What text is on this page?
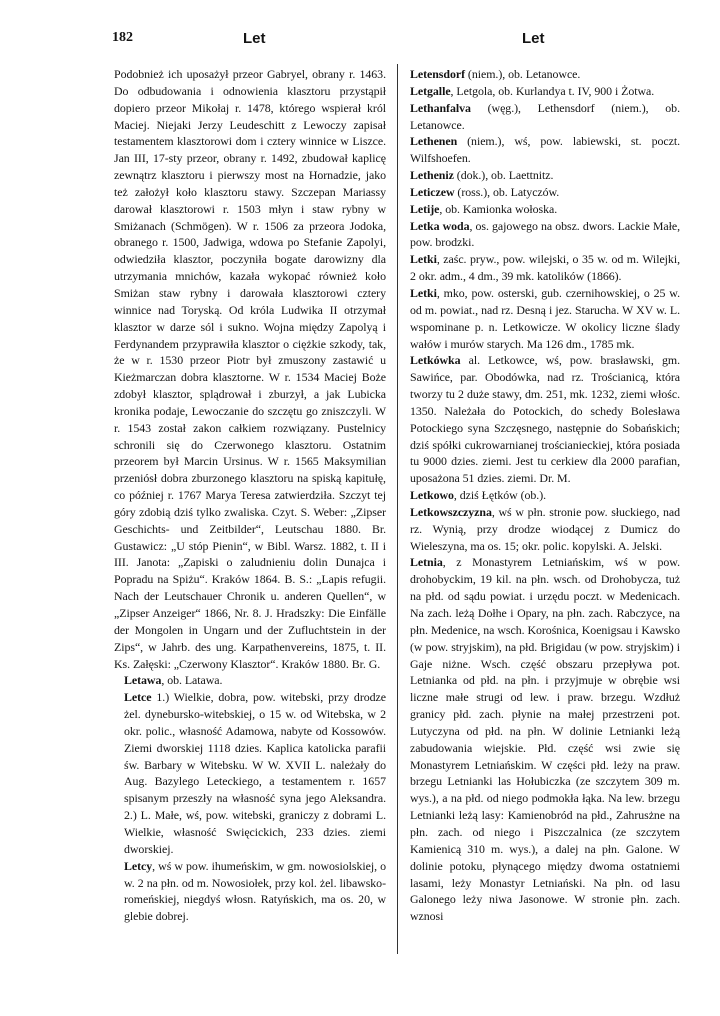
182	Let	Let

Podobnież ich uposażył przeor Gabryel, obrany r. 1463. Do odbudowania i odnowienia klasztoru przystąpił dopiero przeor Mikołaj r. 1478, którego wspierał król Maciej. Niejaki Jerzy Leudeschitt z Lewoczy zapisał testamentem klasztorowi dom i cztery winnice w Liszce. Jan III, 17-sty przeor, obrany r. 1492, zbudował kaplicę zewnątrz klasztoru i pierwszy most na Hornadzie, jako też założył koło klasztoru stawy. Szczepan Mariassy darował klasztorowi r. 1503 młyn i staw rybny w Smiżanach (Schmögen). W r. 1506 za przeora Jodoka, obranego r. 1500, Jadwiga, wdowa po Stefanie Zapolyi, odwiedziła klasztor, poczyniła bogate darowizny dla utrzymania mnichów, kazała wykopać również koło Smiżan staw rybny i darowała klasztorowi cztery winnice nad Toryską. Od króla Ludwika II otrzymał klasztor w darze sól i sukno. Wojna między Zapolyą i Ferdynandem przyprawiła klasztor o ciężkie szkody, tak, że w r. 1530 przeor Piotr był zmuszony zastawić u Kieżmarczan dobra klasztorne. W r. 1534 Maciej Boże zdobył klasztor, splądrował i zburzył, a jak Lubicka kronika podaje, Lewoczanie do szczętu go zniszczyli. W r. 1543 został zakon całkiem rozwiązany. Pustelnicy schronili się do Czerwonego klasztoru. Ostatnim przeorem był Marcin Ursinus. W r. 1565 Maksymilian przeniósł dobra zburzonego klasztoru na spiską kapitułę, co później r. 1767 Marya Teresa zatwierdziła. Szczyt tej góry zdobią dziś tylko zwaliska. Czyt. S. Weber: „Zipser Geschichts- und Zeitbilder“, Leutschau 1880. Br. Gustawicz: „U stóp Pienin“, w Bibl. Warsz. 1882, t. II i III. Janota: „Zapiski o zaludnieniu dolin Dunajca i Popradu na Spiżu“. Kraków 1864. B. S.: „Lapis refugii. Nach der Leutschauer Chronik u. anderen Quellen“, w „Zipser Anzeiger“ 1866, Nr. 8. J. Hradszky: Die Einfälle der Mongolen in Ungarn und der Zufluchtstein in der Zips“, w Jahrb. des ung. Karpathenvereins, 1875, t. II. Ks. Załęski: „Czerwony Klasztor“. Kraków 1880. Br. G.

Letawa, ob. Latawa.

Letce 1.) Wielkie, dobra, pow. witebski, przy drodze żel. dynebursko-witebskiej, o 15 w. od Witebska, w 2 okr. polic., własność Adamowa, nabyte od Kossowów. Ziemi dworskiej 1118 dzies. Kaplica katolicka parafii św. Barbary w Witebsku. W W. XVII L. należały do Aug. Bazylego Leteckiego, a testamentem r. 1657 spisanym przeszły na własność syna jego Aleksandra. 2.) L. Małe, wś, pow. witebski, graniczy z dobrami L. Wielkie, własność Swięcickich, 233 dzies. ziemi dworskiej.

Letcy, wś w pow. ihumeńskim, w gm. nowosiolskiej, o w. 2 na płn. od m. Nowosiołek, przy kol. żel. libawsko-romeńskiej, niegdyś włosn. Ratyńskich, ma os. 20, w glebie dobrej.

Letensdorf (niem.), ob. Letanowce.

Letgalle, Letgola, ob. Kurlandya t. IV, 900 i Żotwa.

Lethanfalva (węg.), Lethensdorf (niem.), ob. Letanowce.

Lethenen (niem.), wś, pow. labiewski, st. poczt. Wilfshoefen.

Letheniz (dok.), ob. Laettnitz.

Leticzew (ross.), ob. Latyczów.

Letije, ob. Kamionka wołoska.

Letka woda, os. gajowego na obsz. dwors. Lackie Małe, pow. brodzki.

Letki, zaśc. pryw., pow. wilejski, o 35 w. od m. Wilejki, 2 okr. adm., 4 dm., 39 mk. katolików (1866).

Letki, mko, pow. osterski, gub. czernihowskiej, o 25 w. od m. powiat., nad rz. Desną i jez. Starucha. W XV w. L. wspominane p. n. Letkowicze. W okolicy liczne ślady wałów i murów starych. Ma 126 dm., 1785 mk.

Letkówka al. Letkowce, wś, pow. brasławski, gm. Sawińce, par. Obodówka, nad rz. Trościanicą, która tworzy tu 2 duże stawy, dm. 251, mk. 1232, ziemi włośc. 1350. Należała do Potockich, do schedy Bolesława Potockiego syna Szczęsnego, następnie do Sobańskich; dziś spółki cukrowarnianej trościanieckiej, która posiada tu 9000 dzies. ziemi. Jest tu cerkiew dla 2000 parafian, uposażona 51 dzies. ziemi. Dr. M.

Letkowo, dziś Łętków (ob.).

Letkowszczyzna, wś w płn. stronie pow. słuckiego, nad rz. Wynią, przy drodze wiodącej z Dumicz do Wieleszyna, ma os. 15; okr. polic. kopylski. A. Jelski.

Letnia, z Monastyrem Letniańskim, wś w pow. drohobyckim, 19 kil. na płn. wsch. od Drohobycza, tuż na płd. od sądu powiat. i urzędu poczt. w Medenicach. Na zach. leżą Dołhe i Opary, na płn. zach. Rabczyce, na płn. Medenice, na wsch. Korośnica, Koenigsau i Kawsko (w pow. stryjskim), na płd. Brigidau (w pow. stryjskim) i Gaje niżne. Wsch. część obszaru przepływa pot. Letnianka od płd. na płn. i przyjmuje w obrębie wsi liczne małe strugi od lew. i praw. brzegu. Wzdłuż granicy płd. zach. płynie na małej przestrzeni pot. Lutyczyna od płd. na płn. W dolinie Letnianki leżą zabudowania wiejskie. Płd. część wsi zwie się Monastyrem Letniańskim. W części płd. leży na praw. brzegu Letnianki las Hołubiczka (ze szczytem 309 m. wys.), a na płd. od niego podmokła łąka. Na lew. brzegu Letnianki leżą lasy: Kamienobród na płd., Zahrusżne na płn. zach. od niego i Piszczalnica (ze szczytem Kamienicą 310 m. wys.), a dalej na płn. Galone. W dolinie potoku, płynącego między dwoma ostatniemi lasami, leży Monastyr Letniański. Na płn. od lasu Galonego leży niwa Jasonowe. W stronie płn. zach. wznosi
